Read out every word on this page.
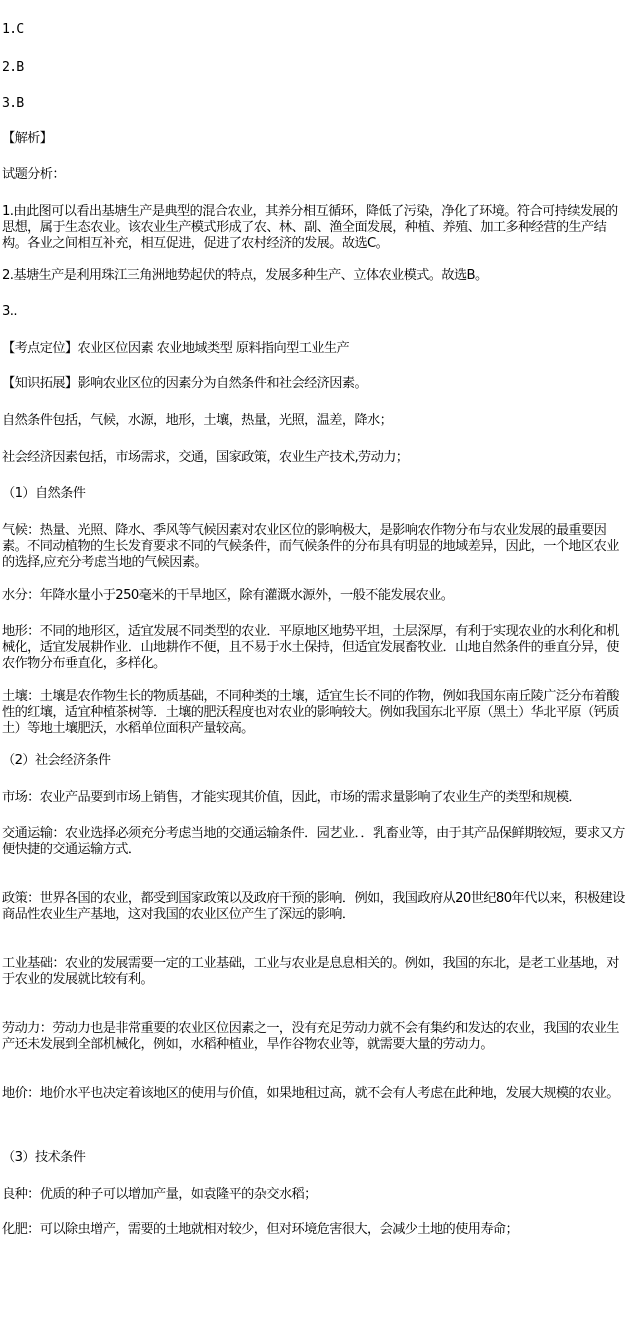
1.C
2.B
3.B
【解析】
试题分析：
1.由此图可以看出基塘生产是典型的混合农业，其养分相互循环，降低了污染，净化了环境。符合可持续发展的思想，属于生态农业。该农业生产模式形成了农、林、副、渔全面发展，种植、养殖、加工多种经营的生产结构。各业之间相互补充，相互促进，促进了农村经济的发展。故选C。
2.基塘生产是利用珠江三角洲地势起伏的特点，发展多种生产、立体农业模式。故选B。
3..
【考点定位】农业区位因素 农业地域类型 原料指向型工业生产
【知识拓展】影响农业区位的因素分为自然条件和社会经济因素。
自然条件包括，气候，水源，地形，土壤，热量，光照，温差，降水；
社会经济因素包括，市场需求，交通，国家政策，农业生产技术,劳动力；
（1）自然条件
气候：热量、光照、降水、季风等气候因素对农业区位的影响极大，是影响农作物分布与农业发展的最重要因素。不同动植物的生长发育要求不同的气候条件，而气候条件的分布具有明显的地域差异，因此，一个地区农业的选择,应充分考虑当地的气候因素。
水分：年降水量小于250毫米的干旱地区，除有灌溉水源外，一般不能发展农业。
地形：不同的地形区，适宜发展不同类型的农业．平原地区地势平坦，土层深厚，有利于实现农业的水利化和机械化，适宜发展耕作业．山地耕作不便，且不易于水土保持，但适宜发展畜牧业．山地自然条件的垂直分异，使农作物分布垂直化，多样化。
土壤：土壤是农作物生长的物质基础，不同种类的土壤，适宜生长不同的作物，例如我国东南丘陵广泛分布着酸性的红壤，适宜种植茶树等．土壤的肥沃程度也对农业的影响较大。例如我国东北平原（黑土）华北平原（钙质土）等地土壤肥沃，水稻单位面积产量较高。
（2）社会经济条件
市场：农业产品要到市场上销售，才能实现其价值，因此，市场的需求量影响了农业生产的类型和规模．
交通运输：农业选择必须充分考虑当地的交通运输条件．园艺业．．乳畜业等，由于其产品保鲜期较短，要求又方便快捷的交通运输方式．
政策：世界各国的农业，都受到国家政策以及政府干预的影响．例如，我国政府从20世纪80年代以来，积极建设商品性农业生产基地，这对我国的农业区位产生了深远的影响．
工业基础：农业的发展需要一定的工业基础，工业与农业是息息相关的。例如，我国的东北，是老工业基地，对于农业的发展就比较有利。
劳动力：劳动力也是非常重要的农业区位因素之一，没有充足劳动力就不会有集约和发达的农业，我国的农业生产还未发展到全部机械化，例如，水稻种植业，旱作谷物农业等，就需要大量的劳动力。
地价：地价水平也决定着该地区的使用与价值，如果地租过高，就不会有人考虑在此种地，发展大规模的农业。
（3）技术条件
良种：优质的种子可以增加产量，如袁隆平的杂交水稻；
化肥：可以除虫增产，需要的土地就相对较少，但对环境危害很大，会减少土地的使用寿命；
